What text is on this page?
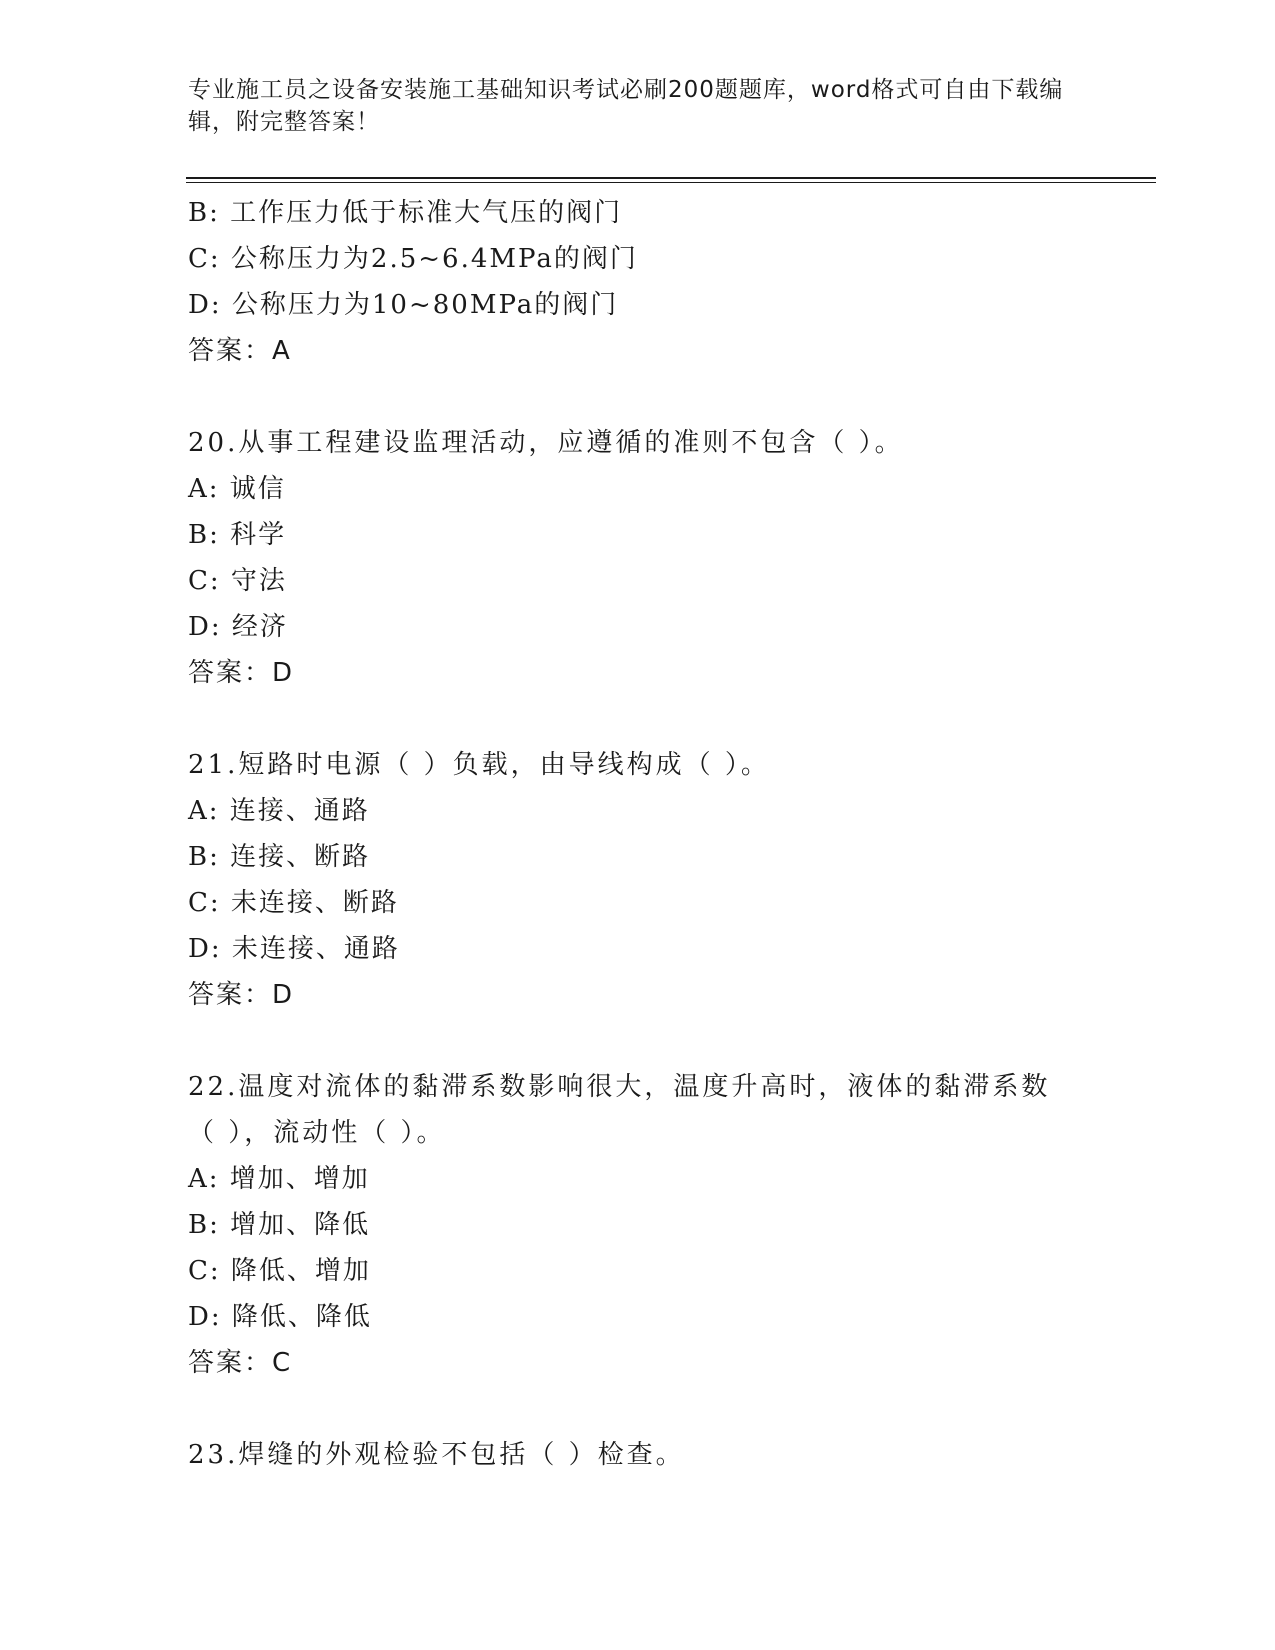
专业施工员之设备安装施工基础知识考试必刷200题题库，word格式可自由下载编辑，附完整答案！
B: 工作压力低于标准大气压的阀门
C: 公称压力为2.5~6.4MPa的阀门
D: 公称压力为10~80MPa的阀门
答案：A
20.从事工程建设监理活动，应遵循的准则不包含（ ）。
A: 诚信
B: 科学
C: 守法
D: 经济
答案：D
21.短路时电源（ ）负载，由导线构成（ ）。
A: 连接、通路
B: 连接、断路
C: 未连接、断路
D: 未连接、通路
答案：D
22.温度对流体的黏滞系数影响很大，温度升高时，液体的黏滞系数（ ），流动性（ ）。
A: 增加、增加
B: 增加、降低
C: 降低、增加
D: 降低、降低
答案：C
23.焊缝的外观检验不包括（ ）检查。
